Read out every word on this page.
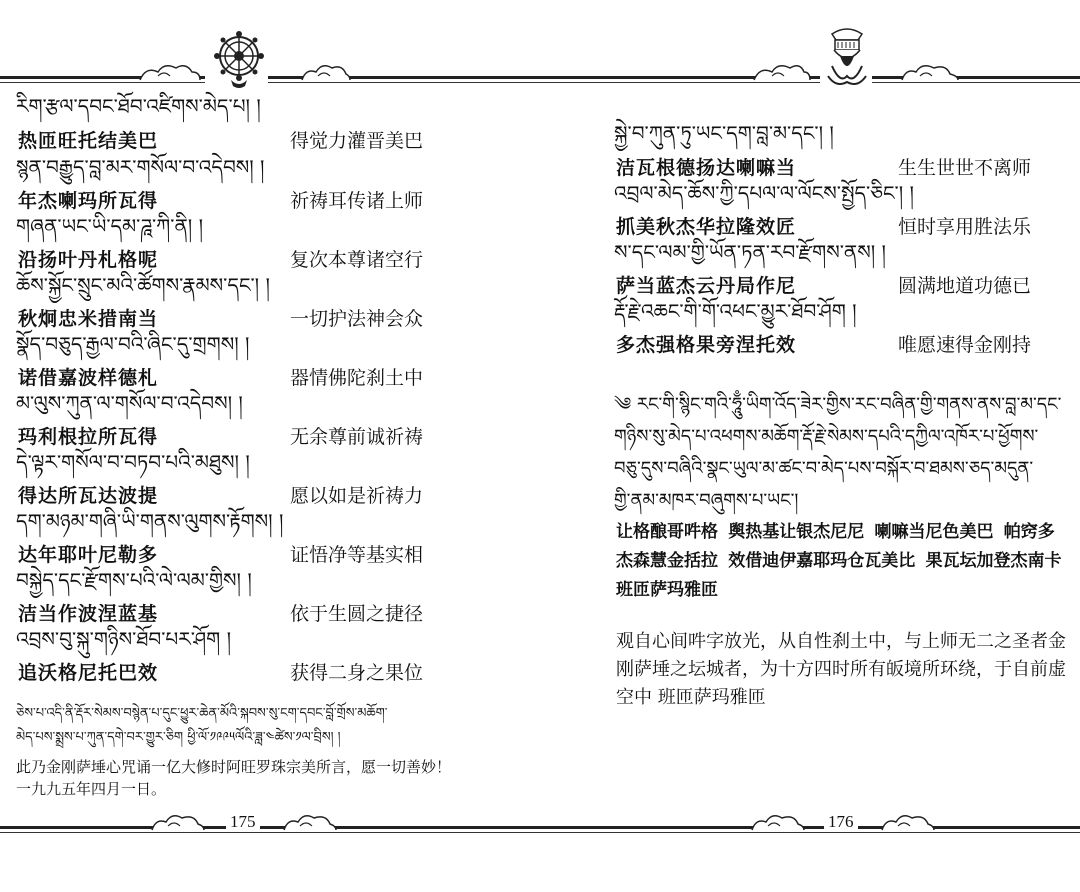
རིག་རྩལ་དབང་ཐོབ་འཛིགས་མེད་པ། །
热匝旺托结美巴	得觉力灌晋美巴
སྙན་བརྒྱུད་བླ་མར་གསོལ་བ་འདེབས། །
年杰喇玛所瓦得	祈祷耳传诸上师
གཞན་ཡང་ཡི་དམ་ཌཱ་ཀི་ནི། །
沿扬叶丹札格呢	复次本尊诸空行
ཆོས་སྐྱོང་སྲུང་མའི་ཚོགས་རྣམས་དང་། །
秋炯忠米措南当	一切护法神会众
སྣོད་བཅུད་རྒྱལ་བའི་ཞིང་དུ་གྲགས། །
诺借嘉波样德札	器情佛陀刹土中
མ་ལུས་ཀུན་ལ་གསོལ་བ་འདེབས། །
玛利根拉所瓦得	无余尊前诚祈祷
དེ་ལྟར་གསོལ་བ་བཏབ་པའི་མཐུས། །
得达所瓦达波提	愿以如是祈祷力
དག་མཉམ་གཞི་ཡི་གནས་ལུགས་རྟོགས། །
达年耶叶尼勒多	证悟净等基实相
བསྐྱེད་དང་རྫོགས་པའི་ལེ་ལམ་གྱིས། །
洁当作波涅蓝基	依于生圆之捷径
འབྲས་བུ་སྐུ་གཉིས་ཐོབ་པར་ཤོག །
追沃格尼托巴效	获得二身之果位
ཅེས་པ་འདི་ནི་རྡོར་སེམས་བསྙེན་པ་དུང་ཕྱུར་ཆེན་མོའི་སྐབས་སུ་ངག་དབང་བློ་གྲོས་མཆོག་
མེད་པས་སྨྲས་པ་ཀུན་དགེ་བར་གྱུར་ཅིག ཕྱི་ལོ་༡༩༩༥ལོའི་ཟླ་༤ཚེས་༡ལ་བྲིས། །
此乃金刚萨埵心咒诵一亿大修时阿旺罗珠宗美所言，愿一切善妙！一九九五年四月一日。
175
སྐྱེ་བ་ཀུན་ཏུ་ཡང་དག་བླ་མ་དང་། །
洁瓦根德扬达喇嘛当	生生世世不离师
འབྲལ་མེད་ཆོས་ཀྱི་དཔལ་ལ་ལོངས་སྤྱོད་ཅིང་། །
抓美秋杰华拉隆效匠	恒时享用胜法乐
ས་དང་ལམ་གྱི་ཡོན་ཏན་རབ་རྫོགས་ནས། །
萨当蓝杰云丹局作尼	圆满地道功德已
རྡོ་རྗེ་འཆང་གི་གོ་འཕང་མྱུར་ཐོབ་ཤོག །
多杰强格果旁涅托效	唯愿速得金刚持
༄ རང་གི་སྙིང་གའི་ཧཱུྃ་ཡིག་འོད་ཟེར་གྱིས་རང་བཞིན་གྱི་གནས་ནས་བླ་མ་དང་
གཉིས་སུ་མེད་པ་འཕགས་མཆོག་རྡོ་རྗེ་སེམས་དཔའི་དཀྱིལ་འཁོར་པ་ཕྱོགས་
བཅུ་དུས་བཞིའི་སྣང་ཡུལ་མ་ཚང་བ་མེད་པས་བསྐོར་བ་ཐམས་ཅད་མདུན་
གྱི་ནམ་མཁར་བཞུགས་པ་ཡང་།
让格酿哥吽格 舆热基让银杰尼尼 喇嘛当尼色美巴 帕窍多杰森慧金括拉 效借迪伊嘉耶玛仓瓦美比 果瓦坛加登杰南卡 班匝萨玛雅匝
观自心间吽字放光，从自性刹土中，与上师无二之圣者金刚萨埵之坛城者，为十方四时所有皈境所环绕，于自前虚空中 班匝萨玛雅匝
176
